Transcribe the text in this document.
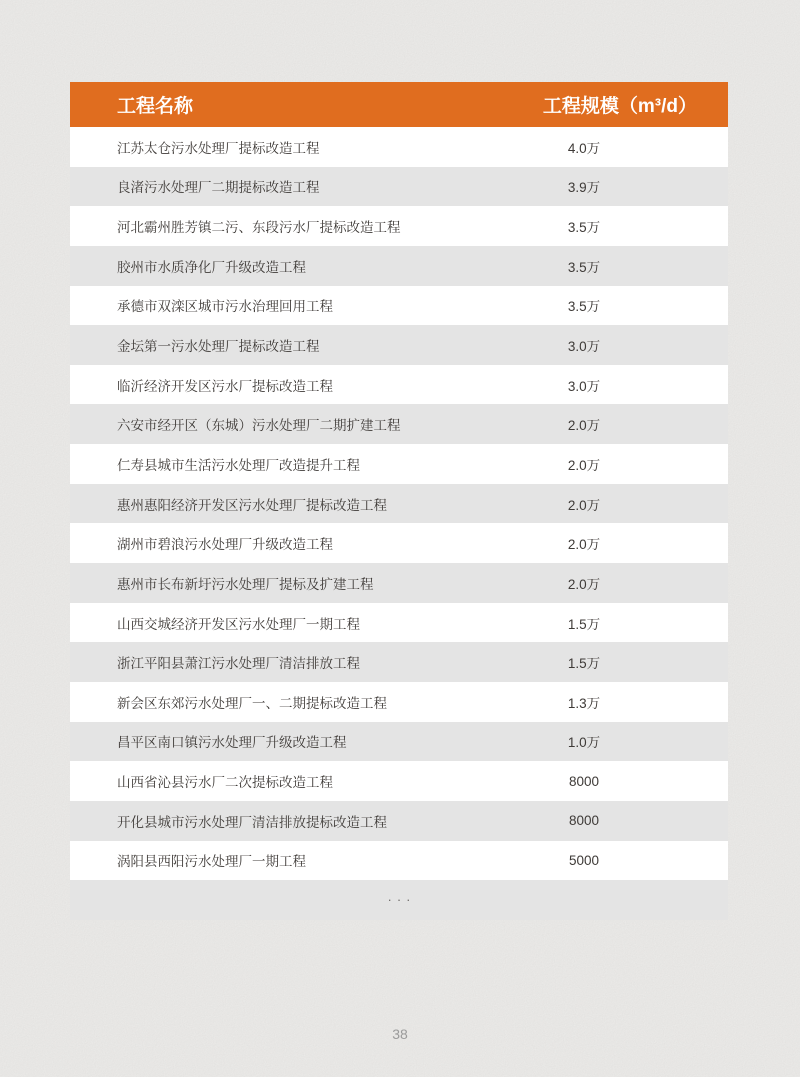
工程名称	工程规模（m³/d）
江苏太仓污水处理厂提标改造工程	4.0万
良渚污水处理厂二期提标改造工程	3.9万
河北霸州胜芳镇二污、东段污水厂提标改造工程	3.5万
胶州市水质净化厂升级改造工程	3.5万
承德市双滦区城市污水治理回用工程	3.5万
金坛第一污水处理厂提标改造工程	3.0万
临沂经济开发区污水厂提标改造工程	3.0万
六安市经开区（东城）污水处理厂二期扩建工程	2.0万
仁寿县城市生活污水处理厂改造提升工程	2.0万
惠州惠阳经济开发区污水处理厂提标改造工程	2.0万
湖州市碧浪污水处理厂升级改造工程	2.0万
惠州市长布新圩污水处理厂提标及扩建工程	2.0万
山西交城经济开发区污水处理厂一期工程	1.5万
浙江平阳县萧江污水处理厂清洁排放工程	1.5万
新会区东郊污水处理厂一、二期提标改造工程	1.3万
昌平区南口镇污水处理厂升级改造工程	1.0万
山西省沁县污水厂二次提标改造工程	8000
开化县城市污水处理厂清洁排放提标改造工程	8000
涡阳县西阳污水处理厂一期工程	5000
···
38
